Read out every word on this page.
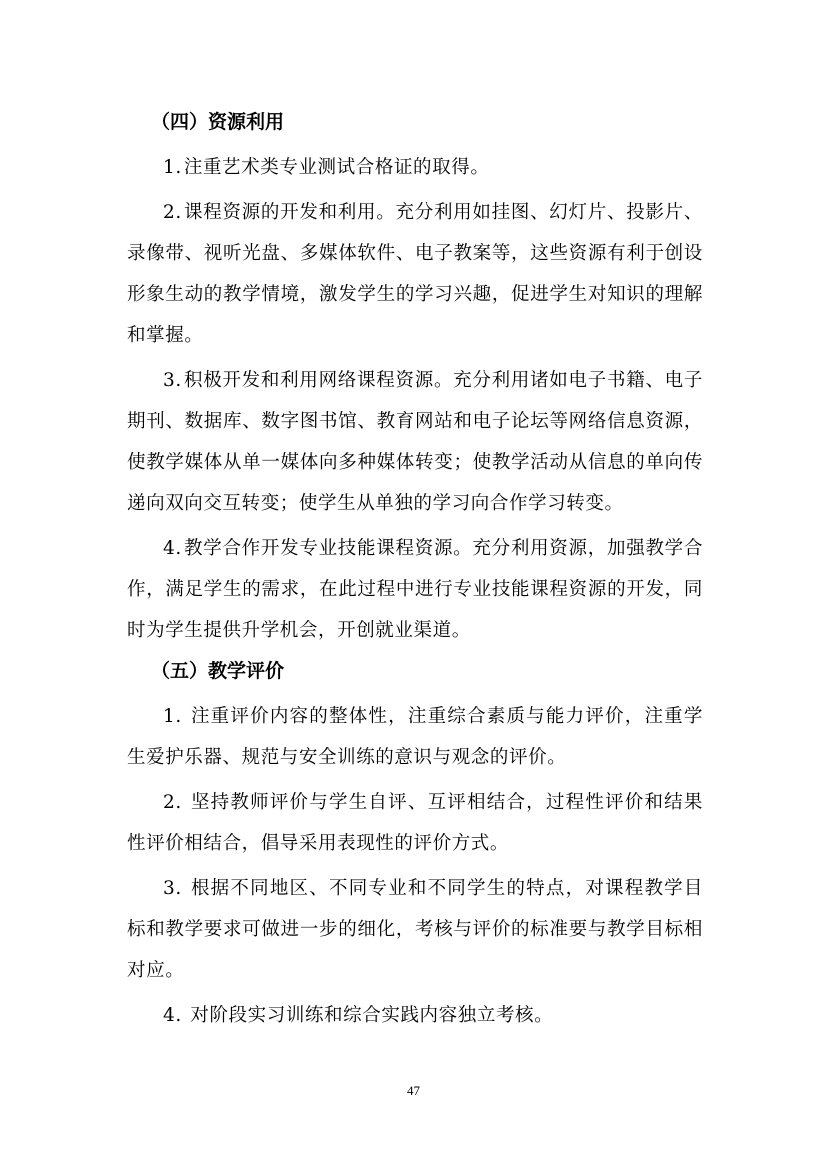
（四）资源利用

1. 注重艺术类专业测试合格证的取得。

2. 课程资源的开发和利用。充分利用如挂图、幻灯片、投影片、录像带、视听光盘、多媒体软件、电子教案等，这些资源有利于创设形象生动的教学情境，激发学生的学习兴趣，促进学生对知识的理解和掌握。

3. 积极开发和利用网络课程资源。充分利用诸如电子书籍、电子期刊、数据库、数字图书馆、教育网站和电子论坛等网络信息资源，使教学媒体从单一媒体向多种媒体转变；使教学活动从信息的单向传递向双向交互转变；使学生从单独的学习向合作学习转变。

4. 教学合作开发专业技能课程资源。充分利用资源，加强教学合作，满足学生的需求，在此过程中进行专业技能课程资源的开发，同时为学生提供升学机会，开创就业渠道。

（五）教学评价

1. 注重评价内容的整体性，注重综合素质与能力评价，注重学生爱护乐器、规范与安全训练的意识与观念的评价。

2. 坚持教师评价与学生自评、互评相结合，过程性评价和结果性评价相结合，倡导采用表现性的评价方式。

3. 根据不同地区、不同专业和不同学生的特点，对课程教学目标和教学要求可做进一步的细化，考核与评价的标准要与教学目标相对应。

4. 对阶段实习训练和综合实践内容独立考核。

47
